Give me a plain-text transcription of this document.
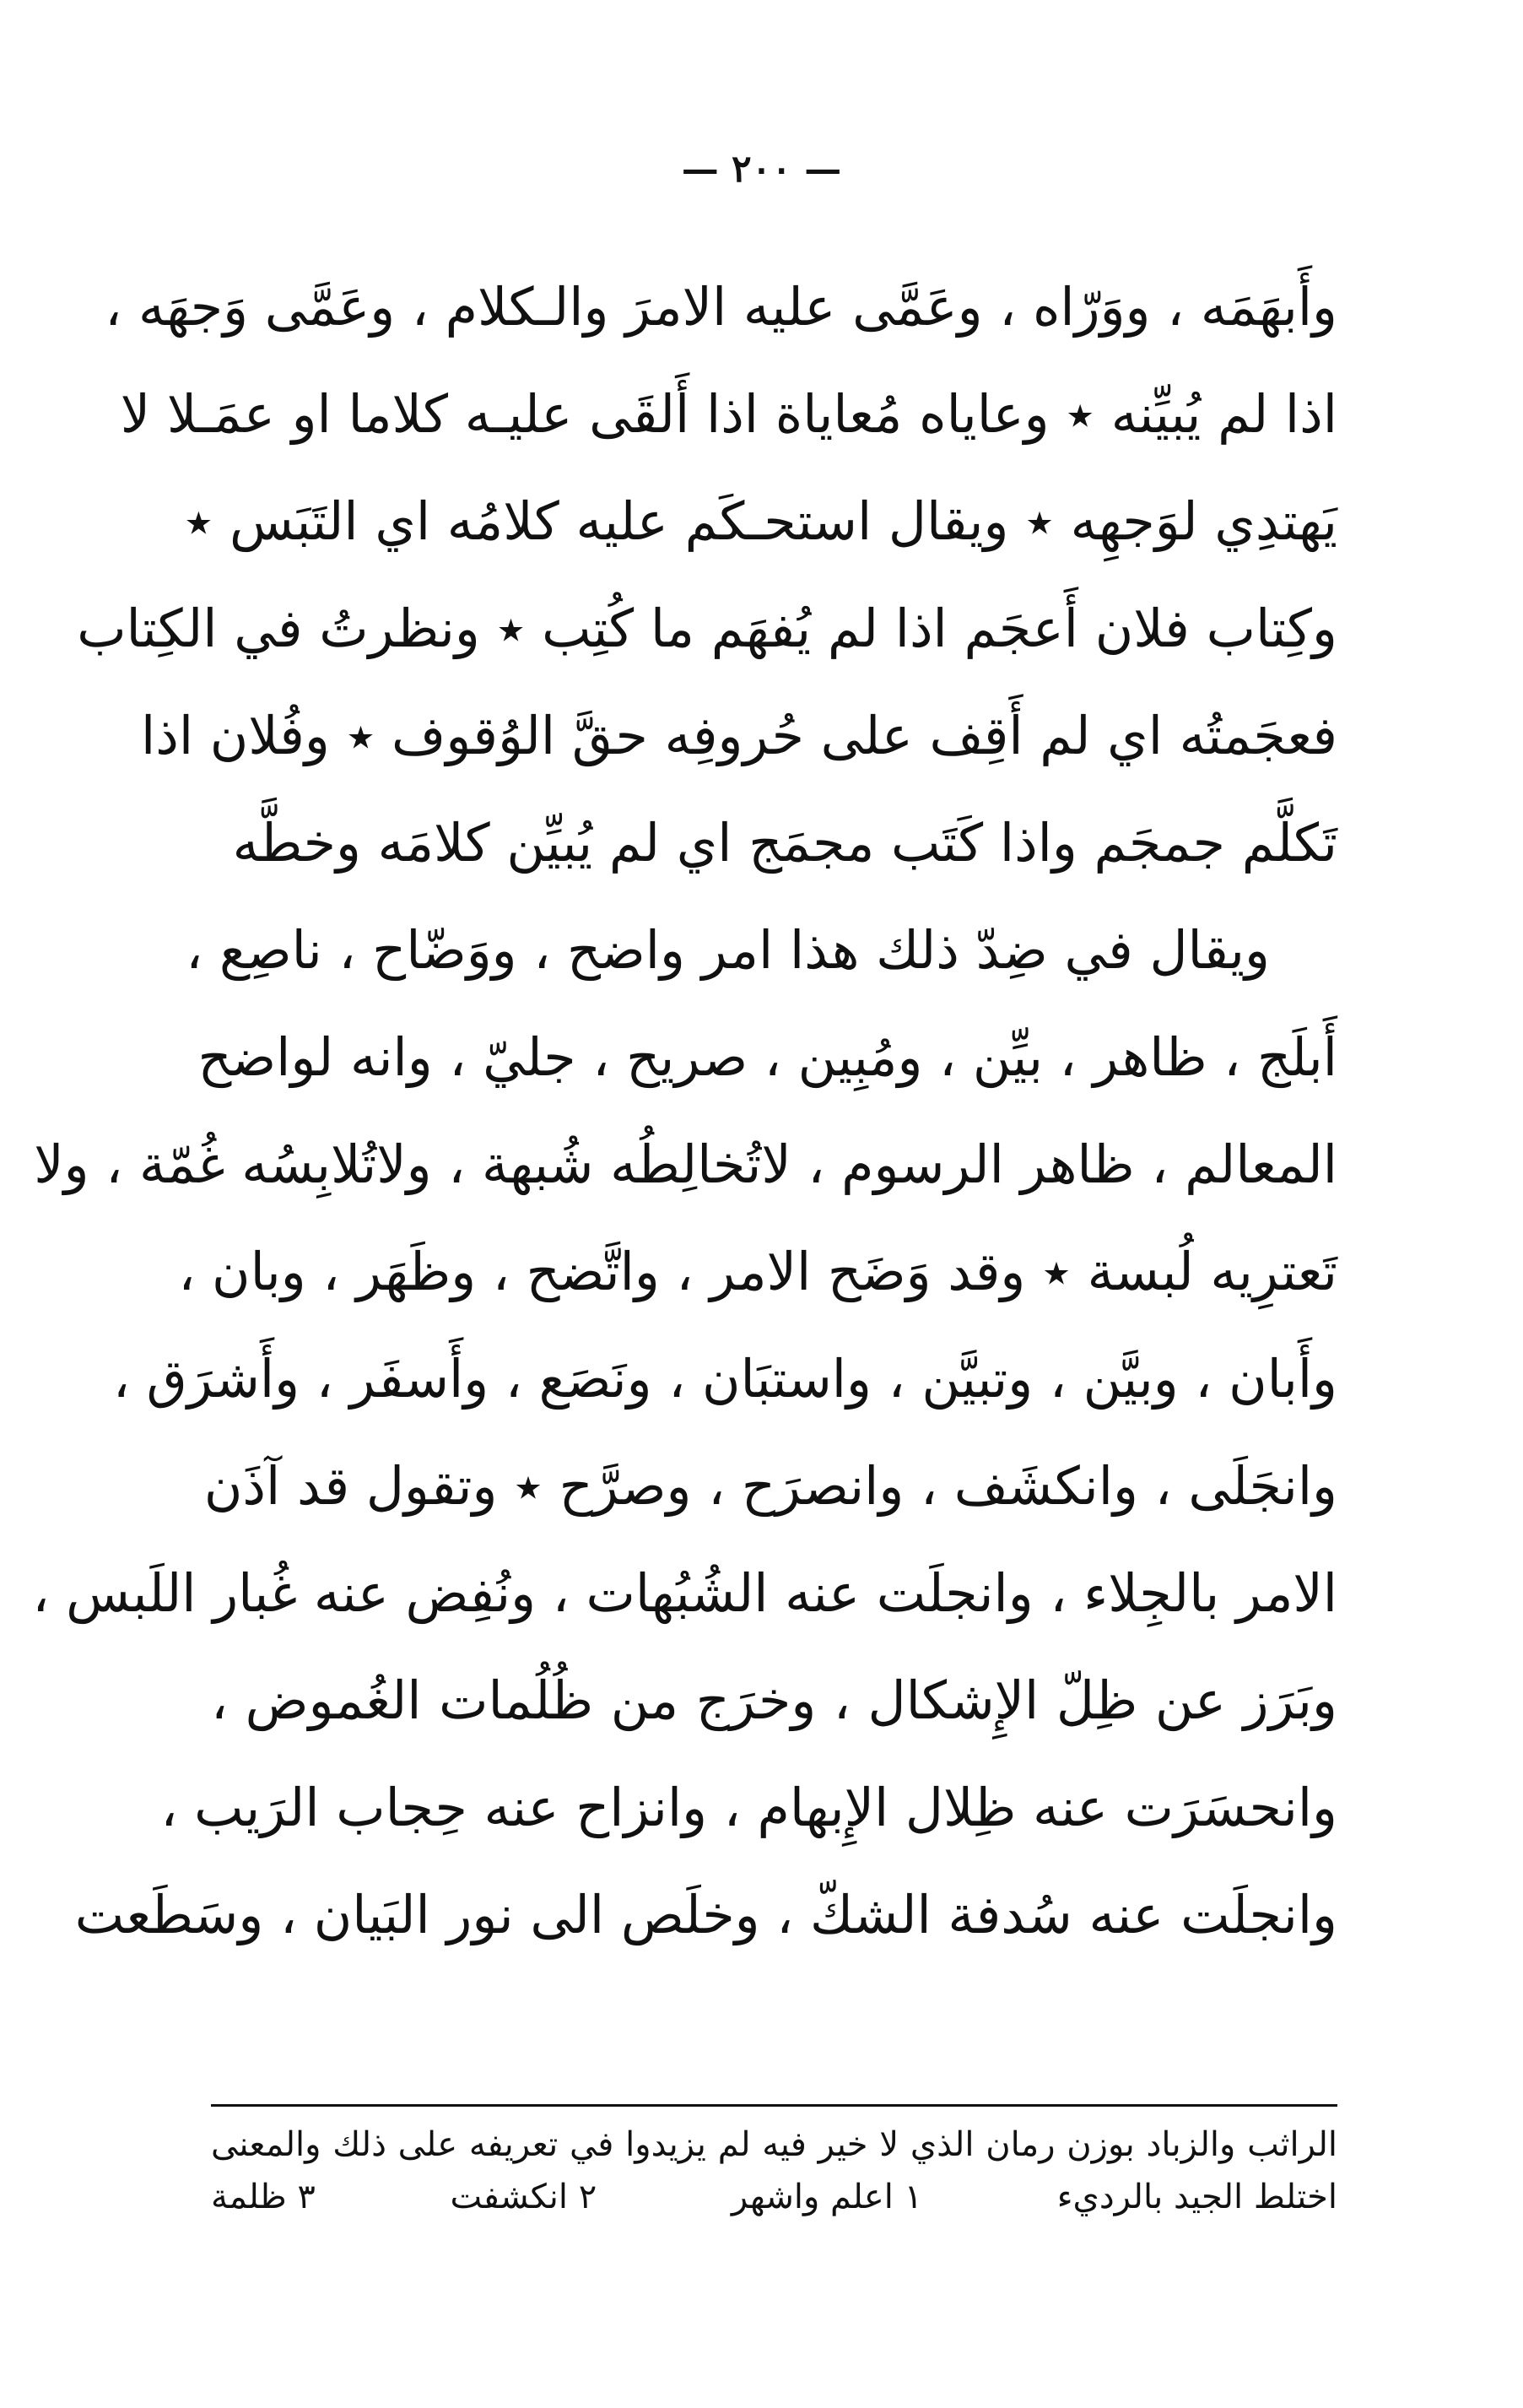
— ٢٠٠ —
وأَبهَمَه ، ووَرّاه ، وعَمَّى عليه الامرَ والـكلام ، وعَمَّى وَجهَه ،
اذا لم يُبيِّنه ٭ وعاياه مُعاياة اذا أَلقَى عليـه كلاما او عمَـلا لا
يَهتدِي لوَجهِه ٭ ويقال استحـكَم عليه كلامُه اي التَبَس ٭
وكِتاب فلان أَعجَم اذا لم يُفهَم ما كُتِب ٭ ونظرتُ في الكِتاب
فعجَمتُه اي لم أَقِف على حُروفِه حقَّ الوُقوف ٭ وفُلان اذا
تَكلَّم جمجَم واذا كَتَب مجمَج اي لم يُبيِّن كلامَه وخطَّه
ويقال في ضِدّ ذلك هذا امر واضح ، ووَضّاح ، ناصِع ،
أَبلَج ، ظاهر ، بيِّن ، ومُبِين ، صريح ، جليّ ، وانه لواضح
المعالم ، ظاهر الرسوم ، لاتُخالِطُه شُبهة ، ولاتُلابِسُه غُمّة ، ولا
تَعترِيه لُبسة ٭ وقد وَضَح الامر ، واتَّضح ، وظَهَر ، وبان ،
وأَبان ، وبيَّن ، وتبيَّن ، واستبَان ، ونَصَع ، وأَسفَر ، وأَشرَق ،
وانجَلَى ، وانكشَف ، وانصرَح ، وصرَّح ٭ وتقول قد آذَن
الامر بالجِلاء ، وانجلَت عنه الشُبُهات ، ونُفِض عنه غُبار اللَبس ،
وبَرَز عن ظِلّ الإِشكال ، وخرَج من ظُلُمات الغُموض ،
وانحسَرَت عنه ظِلال الإِبهام ، وانزاح عنه حِجاب الرَيب ،
وانجلَت عنه سُدفة الشكّ ، وخلَص الى نور البَيان ، وسَطَعت
الراثب والزباد بوزن رمان الذي لا خير فيه لم يزيدوا في تعريفه على ذلك والمعنى
اختلط الجيد بالرديء
١ اعلم واشهر
٢ انكشفت
٣ ظلمة
